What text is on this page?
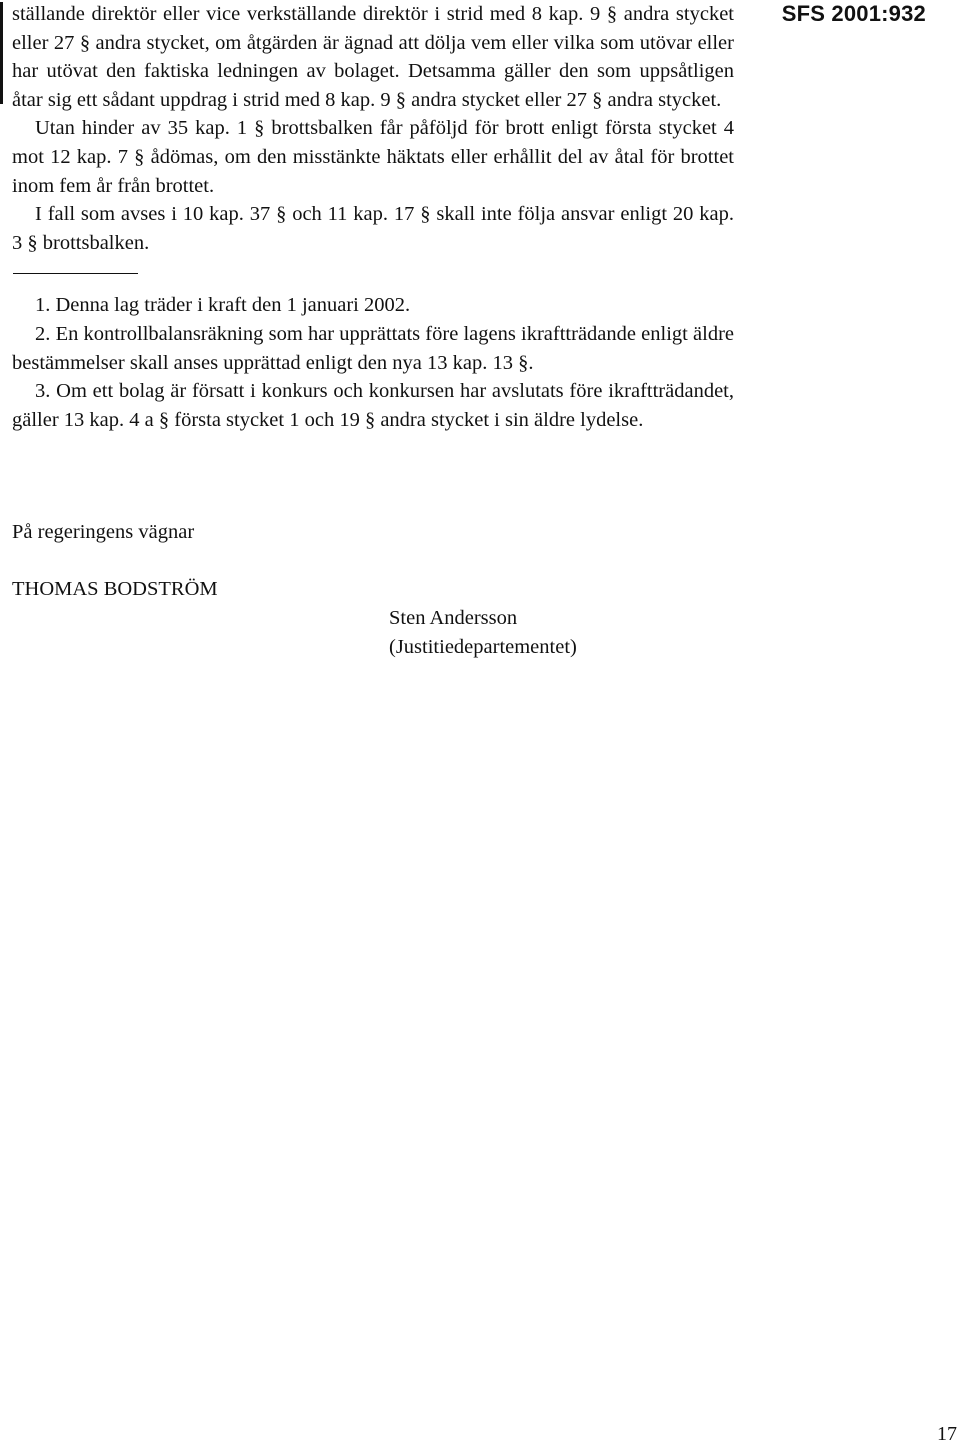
SFS 2001:932

ställande direktör eller vice verkställande direktör i strid med 8 kap. 9 § andra stycket eller 27 § andra stycket, om åtgärden är ägnad att dölja vem eller vilka som utövar eller har utövat den faktiska ledningen av bolaget. Detsamma gäller den som uppsåtligen åtar sig ett sådant uppdrag i strid med 8 kap. 9 § andra stycket eller 27 § andra stycket.

Utan hinder av 35 kap. 1 § brottsbalken får påföljd för brott enligt första stycket 4 mot 12 kap. 7 § ådömas, om den misstänkte häktats eller erhållit del av åtal för brottet inom fem år från brottet.

I fall som avses i 10 kap. 37 § och 11 kap. 17 § skall inte följa ansvar enligt 20 kap. 3 § brottsbalken.

1. Denna lag träder i kraft den 1 januari 2002.

2. En kontrollbalansräkning som har upprättats före lagens ikraftträdande enligt äldre bestämmelser skall anses upprättad enligt den nya 13 kap. 13 §.

3. Om ett bolag är försatt i konkurs och konkursen har avslutats före ikraftträdandet, gäller 13 kap. 4 a § första stycket 1 och 19 § andra stycket i sin äldre lydelse.

På regeringens vägnar

THOMAS BODSTRÖM

Sten Andersson
(Justitiedepartementet)
17
